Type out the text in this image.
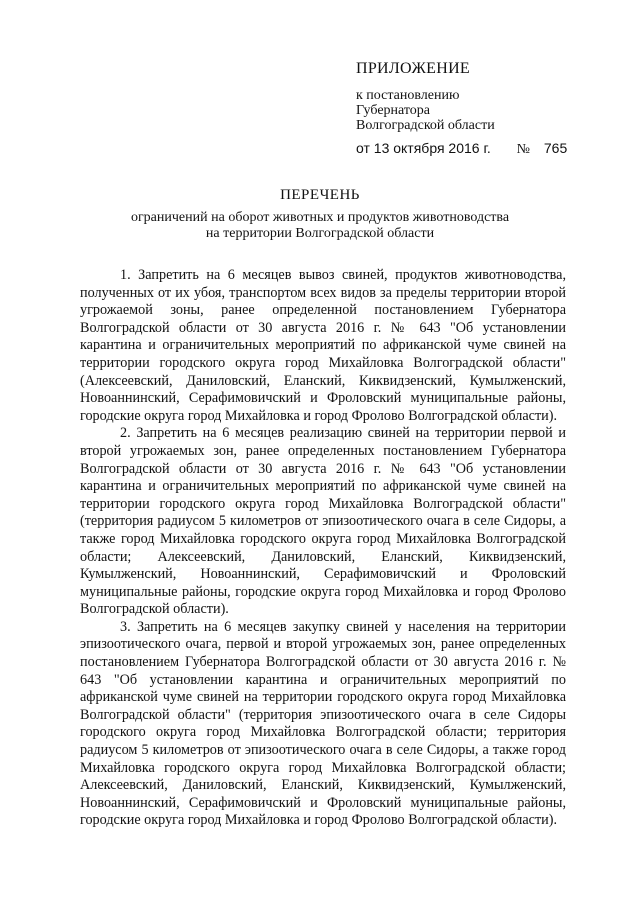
ПРИЛОЖЕНИЕ
к постановлению
Губернатора
Волгоградской области
от 13 октября 2016 г. № 765
ПЕРЕЧЕНЬ
ограничений на оборот животных и продуктов животноводства
на территории Волгоградской области

1. Запретить на 6 месяцев вывоз свиней, продуктов животноводства, полученных от их убоя, транспортом всех видов за пределы территории второй угрожаемой зоны, ранее определенной постановлением Губернатора Волгоградской области от 30 августа 2016 г. № 643 "Об установлении карантина и ограничительных мероприятий по африканской чуме свиней на территории городского округа город Михайловка Волгоградской области" (Алексеевский, Даниловский, Еланский, Киквидзенский, Кумылженский, Новоаннинский, Серафимовичский и Фроловский муниципальные районы, городские округа город Михайловка и город Фролово Волгоградской области).

2. Запретить на 6 месяцев реализацию свиней на территории первой и второй угрожаемых зон, ранее определенных постановлением Губернатора Волгоградской области от 30 августа 2016 г. № 643 "Об установлении карантина и ограничительных мероприятий по африканской чуме свиней на территории городского округа город Михайловка Волгоградской области" (территория радиусом 5 километров от эпизоотического очага в селе Сидоры, а также город Михайловка городского округа город Михайловка Волгоградской области; Алексеевский, Даниловский, Еланский, Киквидзенский, Кумылженский, Новоаннинский, Серафимовичский и Фроловский муниципальные районы, городские округа город Михайловка и город Фролово Волгоградской области).

3. Запретить на 6 месяцев закупку свиней у населения на территории эпизоотического очага, первой и второй угрожаемых зон, ранее определенных постановлением Губернатора Волгоградской области от 30 августа 2016 г. № 643 "Об установлении карантина и ограничительных мероприятий по африканской чуме свиней на территории городского округа город Михайловка Волгоградской области" (территория эпизоотического очага в селе Сидоры городского округа город Михайловка Волгоградской области; территория радиусом 5 километров от эпизоотического очага в селе Сидоры, а также город Михайловка городского округа город Михайловка Волгоградской области; Алексеевский, Даниловский, Еланский, Киквидзенский, Кумылженский, Новоаннинский, Серафимовичский и Фроловский муниципальные районы, городские округа город Михайловка и город Фролово Волгоградской области).
